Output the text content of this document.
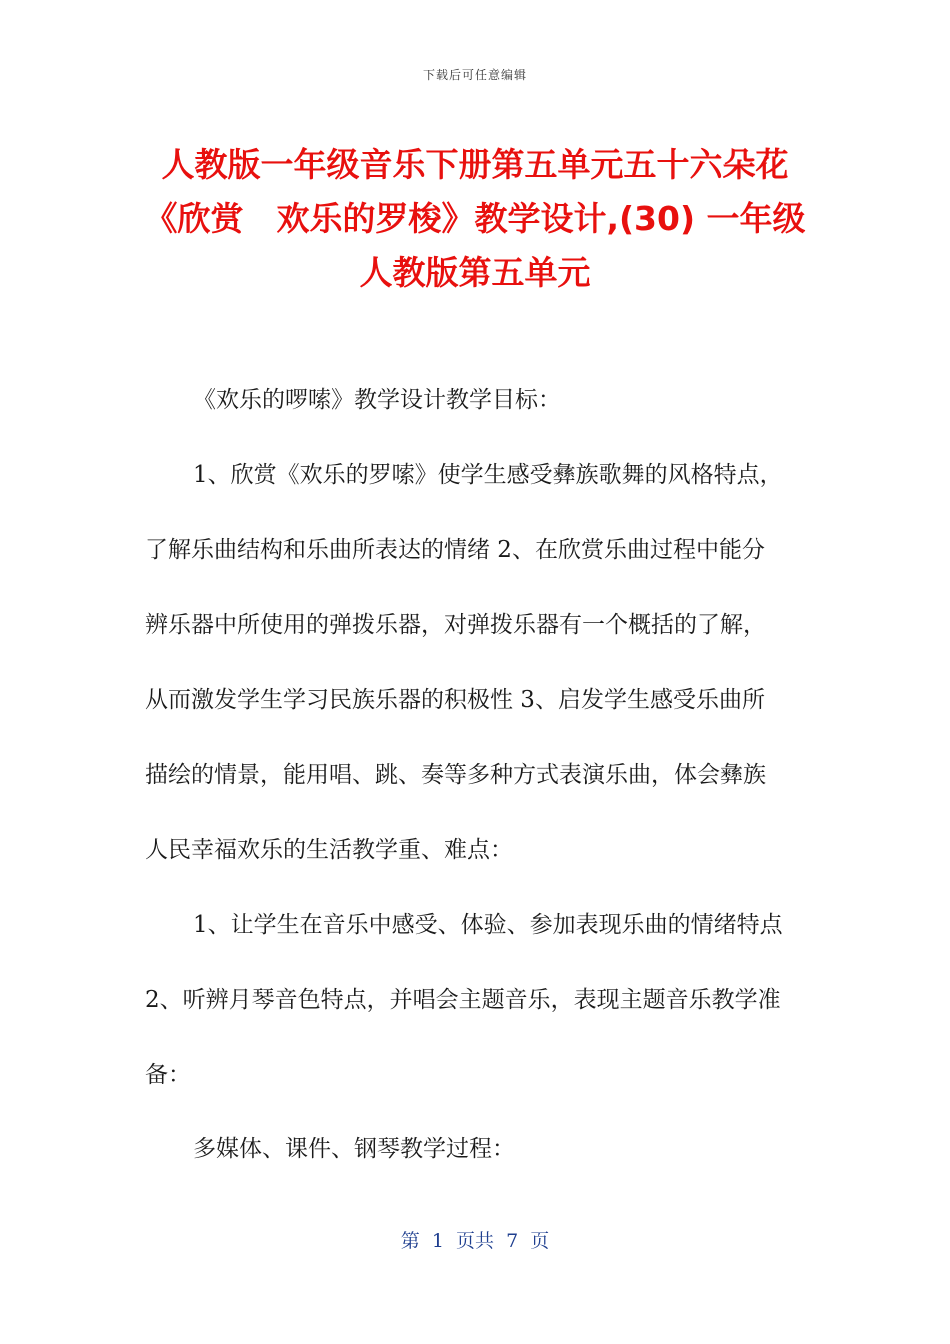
下载后可任意编辑
人教版一年级音乐下册第五单元五十六朵花
《欣赏　欢乐的罗梭》教学设计,(30) 一年级
人教版第五单元
《欢乐的啰嗦》教学设计教学目标：
1、欣赏《欢乐的罗嗦》使学生感受彝族歌舞的风格特点，
了解乐曲结构和乐曲所表达的情绪 2、在欣赏乐曲过程中能分
辨乐器中所使用的弹拨乐器，对弹拨乐器有一个概括的了解，
从而激发学生学习民族乐器的积极性 3、启发学生感受乐曲所
描绘的情景，能用唱、跳、奏等多种方式表演乐曲，体会彝族
人民幸福欢乐的生活教学重、难点：
1、让学生在音乐中感受、体验、参加表现乐曲的情绪特点
2、听辨月琴音色特点，并唱会主题音乐，表现主题音乐教学准
备：
多媒体、课件、钢琴教学过程：
第  1  页共  7  页
